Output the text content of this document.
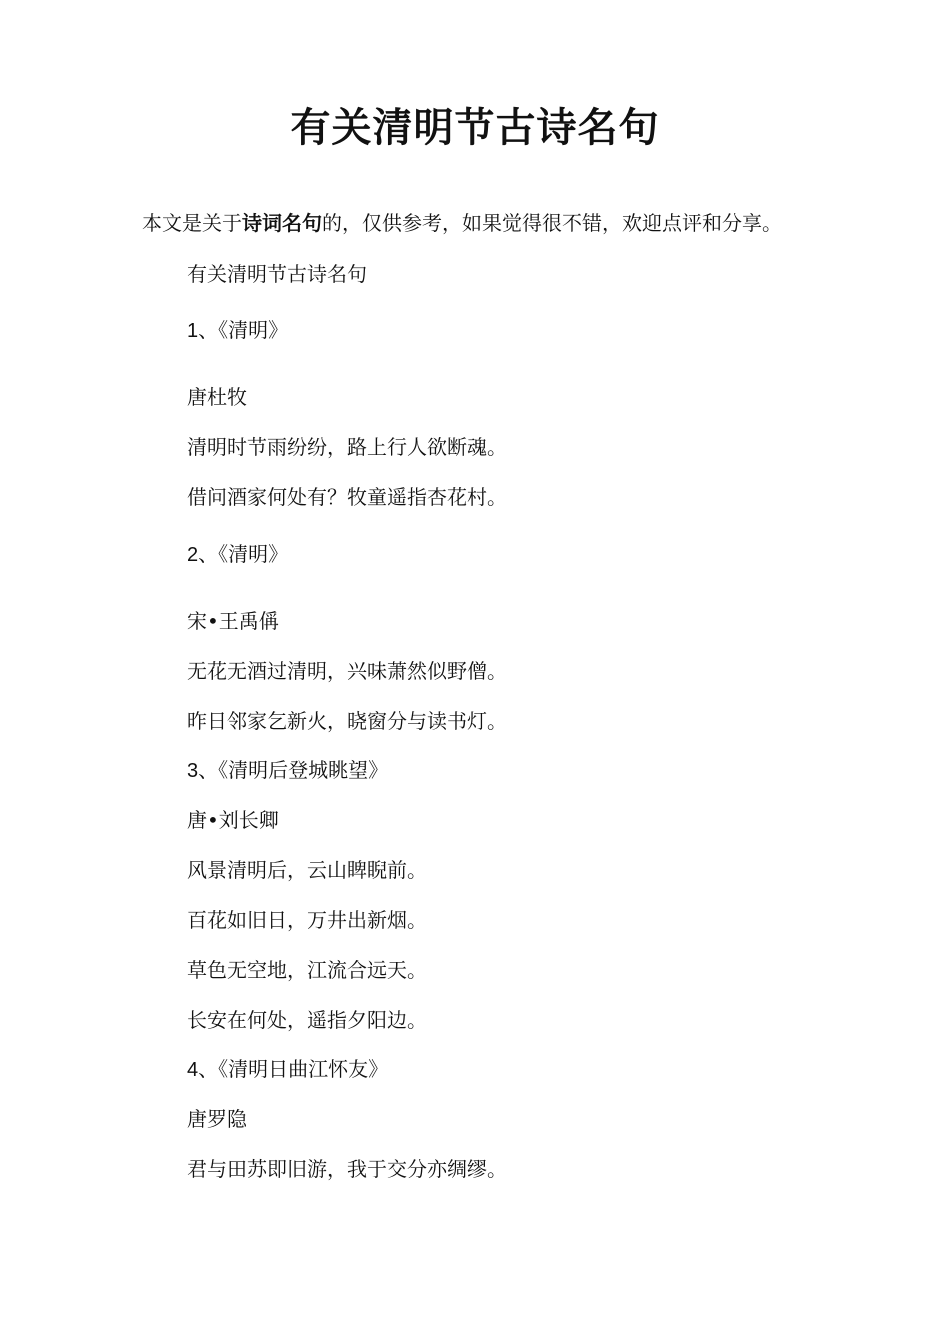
有关清明节古诗名句
本文是关于诗词名句的，仅供参考，如果觉得很不错，欢迎点评和分享。
有关清明节古诗名句
1、《清明》
唐杜牧
清明时节雨纷纷，路上行人欲断魂。
借问酒家何处有？牧童遥指杏花村。
2、《清明》
宋•王禹偁
无花无酒过清明，兴味萧然似野僧。
昨日邻家乞新火，晓窗分与读书灯。
3、《清明后登城眺望》
唐•刘长卿
风景清明后，云山睥睨前。
百花如旧日，万井出新烟。
草色无空地，江流合远天。
长安在何处，遥指夕阳边。
4、《清明日曲江怀友》
唐罗隐
君与田苏即旧游，我于交分亦绸缪。
